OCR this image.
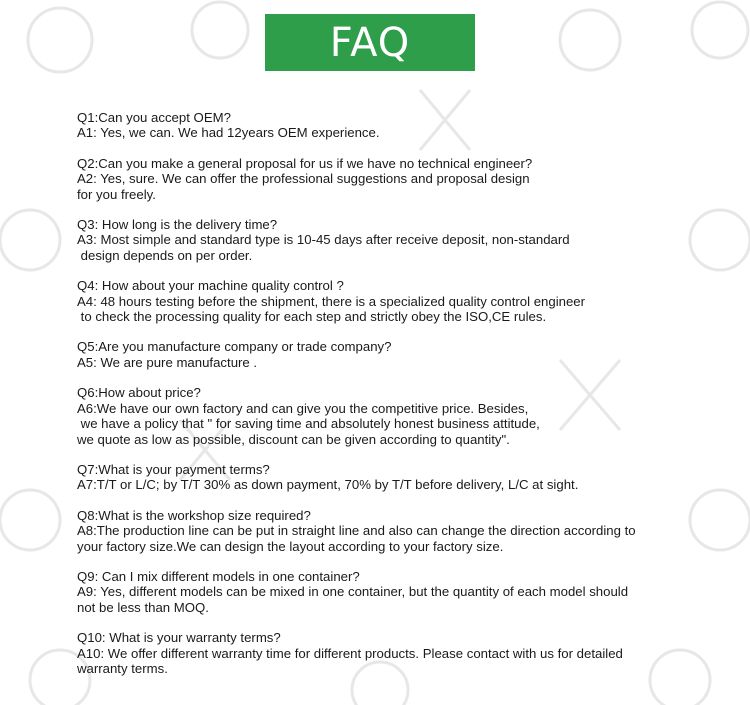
FAQ
Q1:Can you accept OEM?
A1: Yes, we can. We had 12years OEM experience.
Q2:Can you make a general proposal for us if we have no technical engineer?
A2: Yes, sure. We can offer the professional suggestions and proposal design
for you freely.
Q3: How long is the delivery time?
A3: Most simple and standard type is 10-45 days after receive deposit, non-standard
design depends on per order.
Q4: How about your machine quality control ?
A4: 48 hours testing before the shipment, there is a specialized quality control engineer
to check the processing quality for each step and strictly obey the ISO,CE rules.
Q5:Are you manufacture company or trade company?
A5: We are pure manufacture .
Q6:How about price?
A6:We have our own factory and can give you the competitive price. Besides,
we have a policy that " for saving time and absolutely honest business attitude,
we quote as low as possible, discount can be given according to quantity".
Q7:What is your payment terms?
A7:T/T or L/C; by T/T 30% as down payment, 70% by T/T before delivery, L/C at sight.
Q8:What is the workshop size required?
A8:The production line can be put in straight line and also can change the direction according to
your factory size.We can design the layout according to your factory size.
Q9: Can I mix different models in one container?
A9: Yes, different models can be mixed in one container, but the quantity of each model should
not be less than MOQ.
Q10: What is your warranty terms?
A10: We offer different warranty time for different products. Please contact with us for detailed
warranty terms.
